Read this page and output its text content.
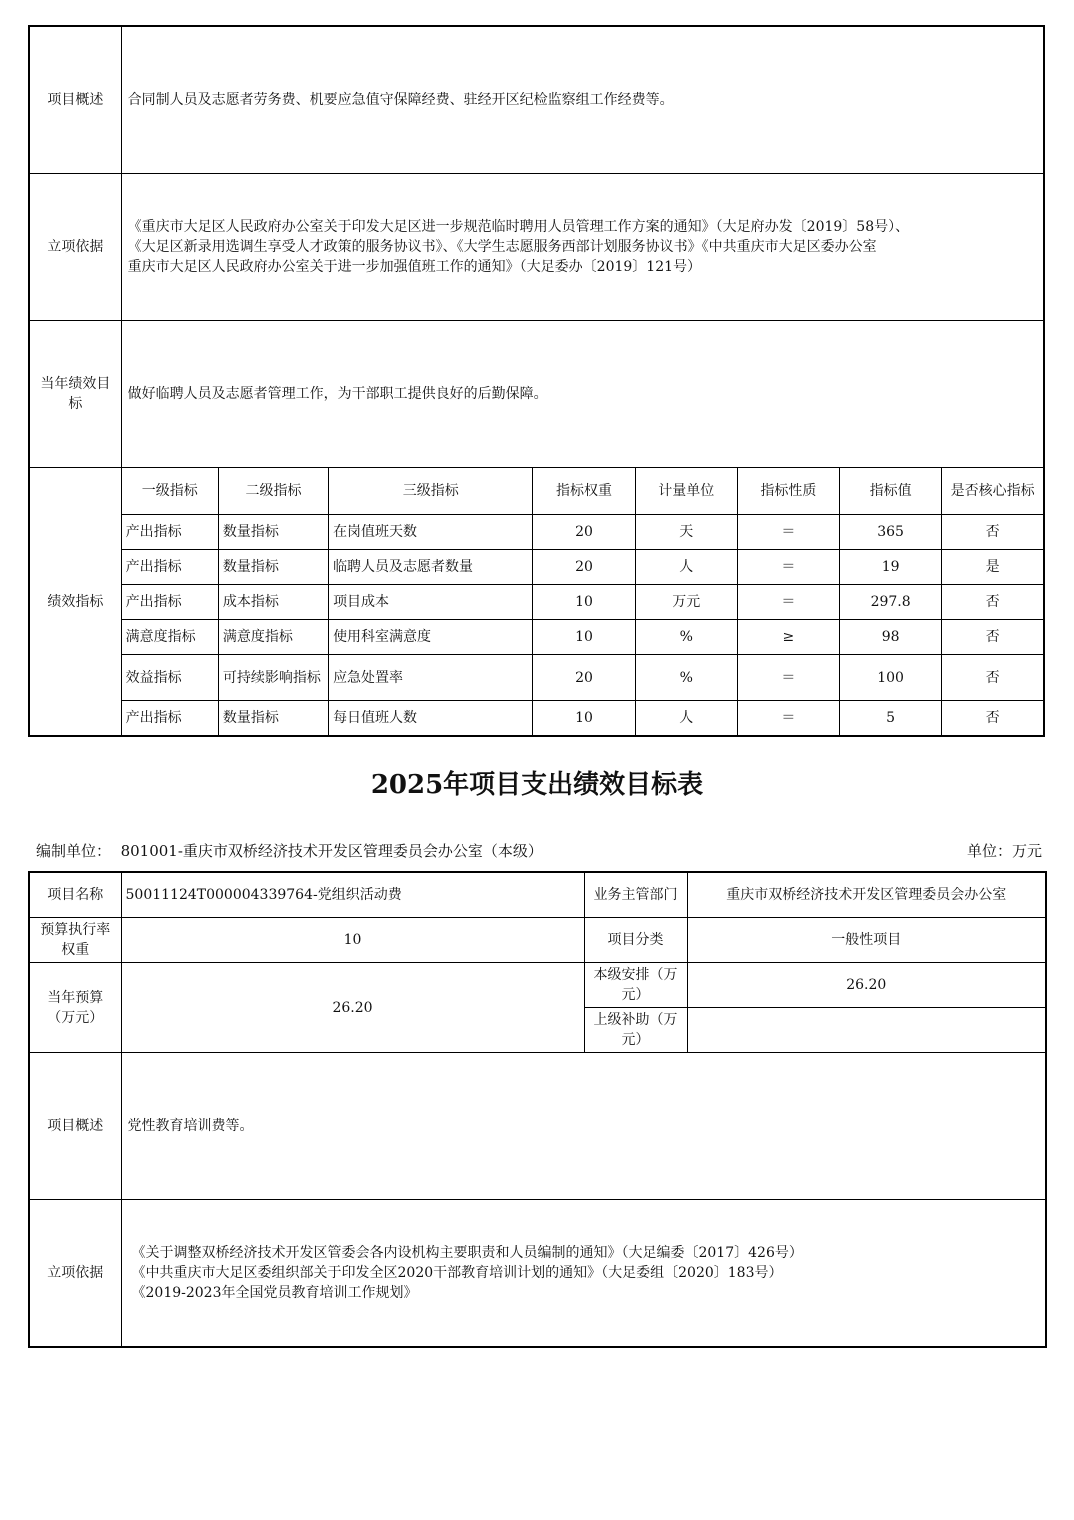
项目概述	合同制人员及志愿者劳务费、机要应急值守保障经费、驻经开区纪检监察组工作经费等。							
立项依据	《重庆市大足区人民政府办公室关于印发大足区进一步规范临时聘用人员管理工作方案的通知》（大足府办发〔2019〕58号）、
《大足区新录用选调生享受人才政策的服务协议书》、《大学生志愿服务西部计划服务协议书》《中共重庆市大足区委办公室
重庆市大足区人民政府办公室关于进一步加强值班工作的通知》（大足委办〔2019〕121号）							

当年绩效目标	做好临聘人员及志愿者管理工作，为干部职工提供良好的后勤保障。							
绩效指标	一级指标	二级指标	三级指标	指标权重	计量单位	指标性质	指标值	是否核心指标
	产出指标	数量指标	在岗值班天数	20	天	＝	365	否
	产出指标	数量指标	临聘人员及志愿者数量	20	人	＝	19	是
	产出指标	成本指标	项目成本	10	万元	＝	297.8	否
	满意度指标	满意度指标	使用科室满意度	10	%	≥	98	否
	效益指标	可持续影响指标	应急处置率	20	%	＝	100	否
	产出指标	数量指标	每日值班人数	10	人	＝	5	否
2025年项目支出绩效目标表
编制单位： 801001-重庆市双桥经济技术开发区管理委员会办公室（本级）	单位：万元
项目名称	50011124T000004339764-党组织活动费	业务主管部门	重庆市双桥经济技术开发区管理委员会办公室
预算执行率权重	10	项目分类	一般性项目
当年预算（万元）	26.20	本级安排（万元）	26.20
		上级补助（万元）	
项目概述	党性教育培训费等。		
立项依据	《关于调整双桥经济技术开发区管委会各内设机构主要职责和人员编制的通知》（大足编委〔2017〕426号）
《中共重庆市大足区委组织部关于印发全区2020干部教育培训计划的通知》（大足委组〔2020〕183号）
《2019-2023年全国党员教育培训工作规划》		
